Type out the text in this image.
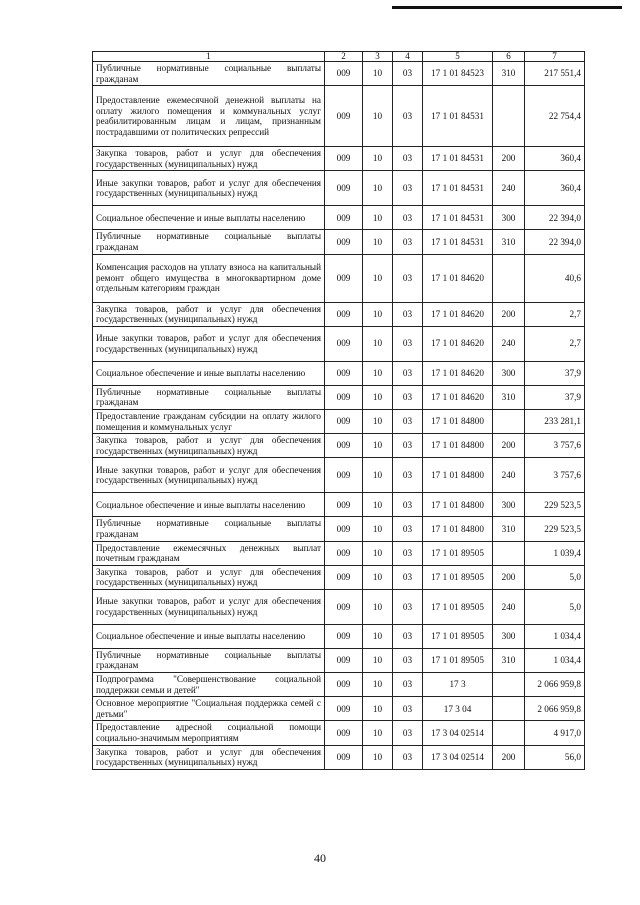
1	2	3	4	5	6	7
Публичные нормативные социальные выплаты гражданам	009	10	03	17 1 01 84523	310	217 551,4
Предоставление ежемесячной денежной выплаты на оплату жилого помещения и коммунальных услуг реабилитированным лицам и лицам, признанным пострадавшими от политических репрессий	009	10	03	17 1 01 84531		22 754,4
Закупка товаров, работ и услуг для обеспечения государственных (муниципальных) нужд	009	10	03	17 1 01 84531	200	360,4
Иные закупки товаров, работ и услуг для обеспечения государственных (муниципальных) нужд	009	10	03	17 1 01 84531	240	360,4
Социальное обеспечение и иные выплаты населению	009	10	03	17 1 01 84531	300	22 394,0
Публичные нормативные социальные выплаты гражданам	009	10	03	17 1 01 84531	310	22 394,0
Компенсация расходов на уплату взноса на капитальный ремонт общего имущества в многоквартирном доме отдельным категориям граждан	009	10	03	17 1 01 84620		40,6
Закупка товаров, работ и услуг для обеспечения государственных (муниципальных) нужд	009	10	03	17 1 01 84620	200	2,7
Иные закупки товаров, работ и услуг для обеспечения государственных (муниципальных) нужд	009	10	03	17 1 01 84620	240	2,7
Социальное обеспечение и иные выплаты населению	009	10	03	17 1 01 84620	300	37,9
Публичные нормативные социальные выплаты гражданам	009	10	03	17 1 01 84620	310	37,9
Предоставление гражданам субсидии на оплату жилого помещения и коммунальных услуг	009	10	03	17 1 01 84800		233 281,1
Закупка товаров, работ и услуг для обеспечения государственных (муниципальных) нужд	009	10	03	17 1 01 84800	200	3 757,6
Иные закупки товаров, работ и услуг для обеспечения государственных (муниципальных) нужд	009	10	03	17 1 01 84800	240	3 757,6
Социальное обеспечение и иные выплаты населению	009	10	03	17 1 01 84800	300	229 523,5
Публичные нормативные социальные выплаты гражданам	009	10	03	17 1 01 84800	310	229 523,5
Предоставление ежемесячных денежных выплат почетным гражданам	009	10	03	17 1 01 89505		1 039,4
Закупка товаров, работ и услуг для обеспечения государственных (муниципальных) нужд	009	10	03	17 1 01 89505	200	5,0
Иные закупки товаров, работ и услуг для обеспечения государственных (муниципальных) нужд	009	10	03	17 1 01 89505	240	5,0
Социальное обеспечение и иные выплаты населению	009	10	03	17 1 01 89505	300	1 034,4
Публичные нормативные социальные выплаты гражданам	009	10	03	17 1 01 89505	310	1 034,4
Подпрограмма "Совершенствование социальной поддержки семьи и детей"	009	10	03	17 3		2 066 959,8
Основное мероприятие "Социальная поддержка семей с детьми"	009	10	03	17 3 04		2 066 959,8
Предоставление адресной социальной помощи социально-значимым мероприятиям	009	10	03	17 3 04 02514		4 917,0
Закупка товаров, работ и услуг для обеспечения государственных (муниципальных) нужд	009	10	03	17 3 04 02514	200	56,0
40
